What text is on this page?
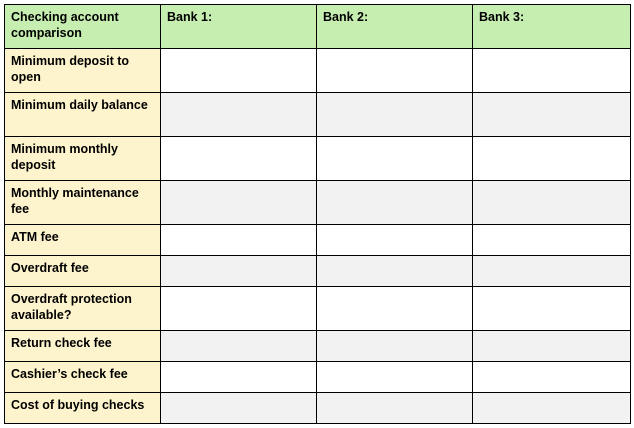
Checking account comparison	Bank 1:	Bank 2:	Bank 3:
Minimum deposit to open			
Minimum daily balance			
Minimum monthly deposit			
Monthly maintenance fee			
ATM fee			
Overdraft fee			
Overdraft protection available?			
Return check fee			
Cashier’s check fee			
Cost of buying checks			
